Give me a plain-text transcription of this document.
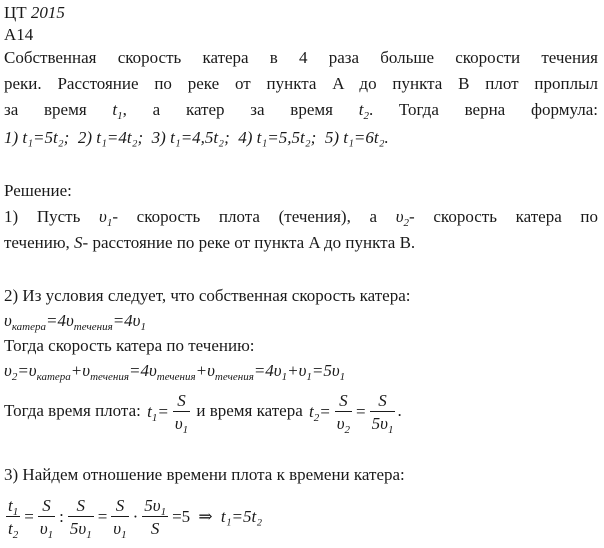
ЦТ 2015
А14
Собственная скорость катера в 4 раза больше скорости течения
реки. Расстояние по реке от пункта A до пункта B плот проплыл
за время $t_1$, а катер за время $t_2$. Тогда верна формула:
1) t₁=5t₂; 2) t₁=4t₂; 3) t₁=4,5t₂; 4) t₁=5,5t₂; 5) t₁=6t₂.
Решение:
1) Пусть $\upsilon_1-$ скорость плота (течения), а $\upsilon_2-$ скорость катера по
течению, S- расстояние по реке от пункта A до пункта B.
2) Из условия следует, что собственная скорость катера:
$\upsilon_{катера}=4\upsilon_{течения}=4\upsilon_1$
Тогда скорость катера по течению:
$\upsilon_2=\upsilon_{катера}+\upsilon_{течения}=4\upsilon_{течения}+\upsilon_{течения}=4\upsilon_1+\upsilon_1=5\upsilon_1$
Тогда время плота: $t_1= \frac{S}{\upsilon_1}$ и время катера $t_2= \frac{S}{\upsilon_2} = \frac{S}{5\upsilon_1}$ .
3) Найдем отношение времени плота к времени катера:
$\frac{t_1}{t_2} = \frac{S}{\upsilon_1}$ : $\frac{S}{5\upsilon_1} = \frac{S}{\upsilon_1} \cdot \frac{5\upsilon_1}{S} =5$ ⇒ t₁=5t₂
